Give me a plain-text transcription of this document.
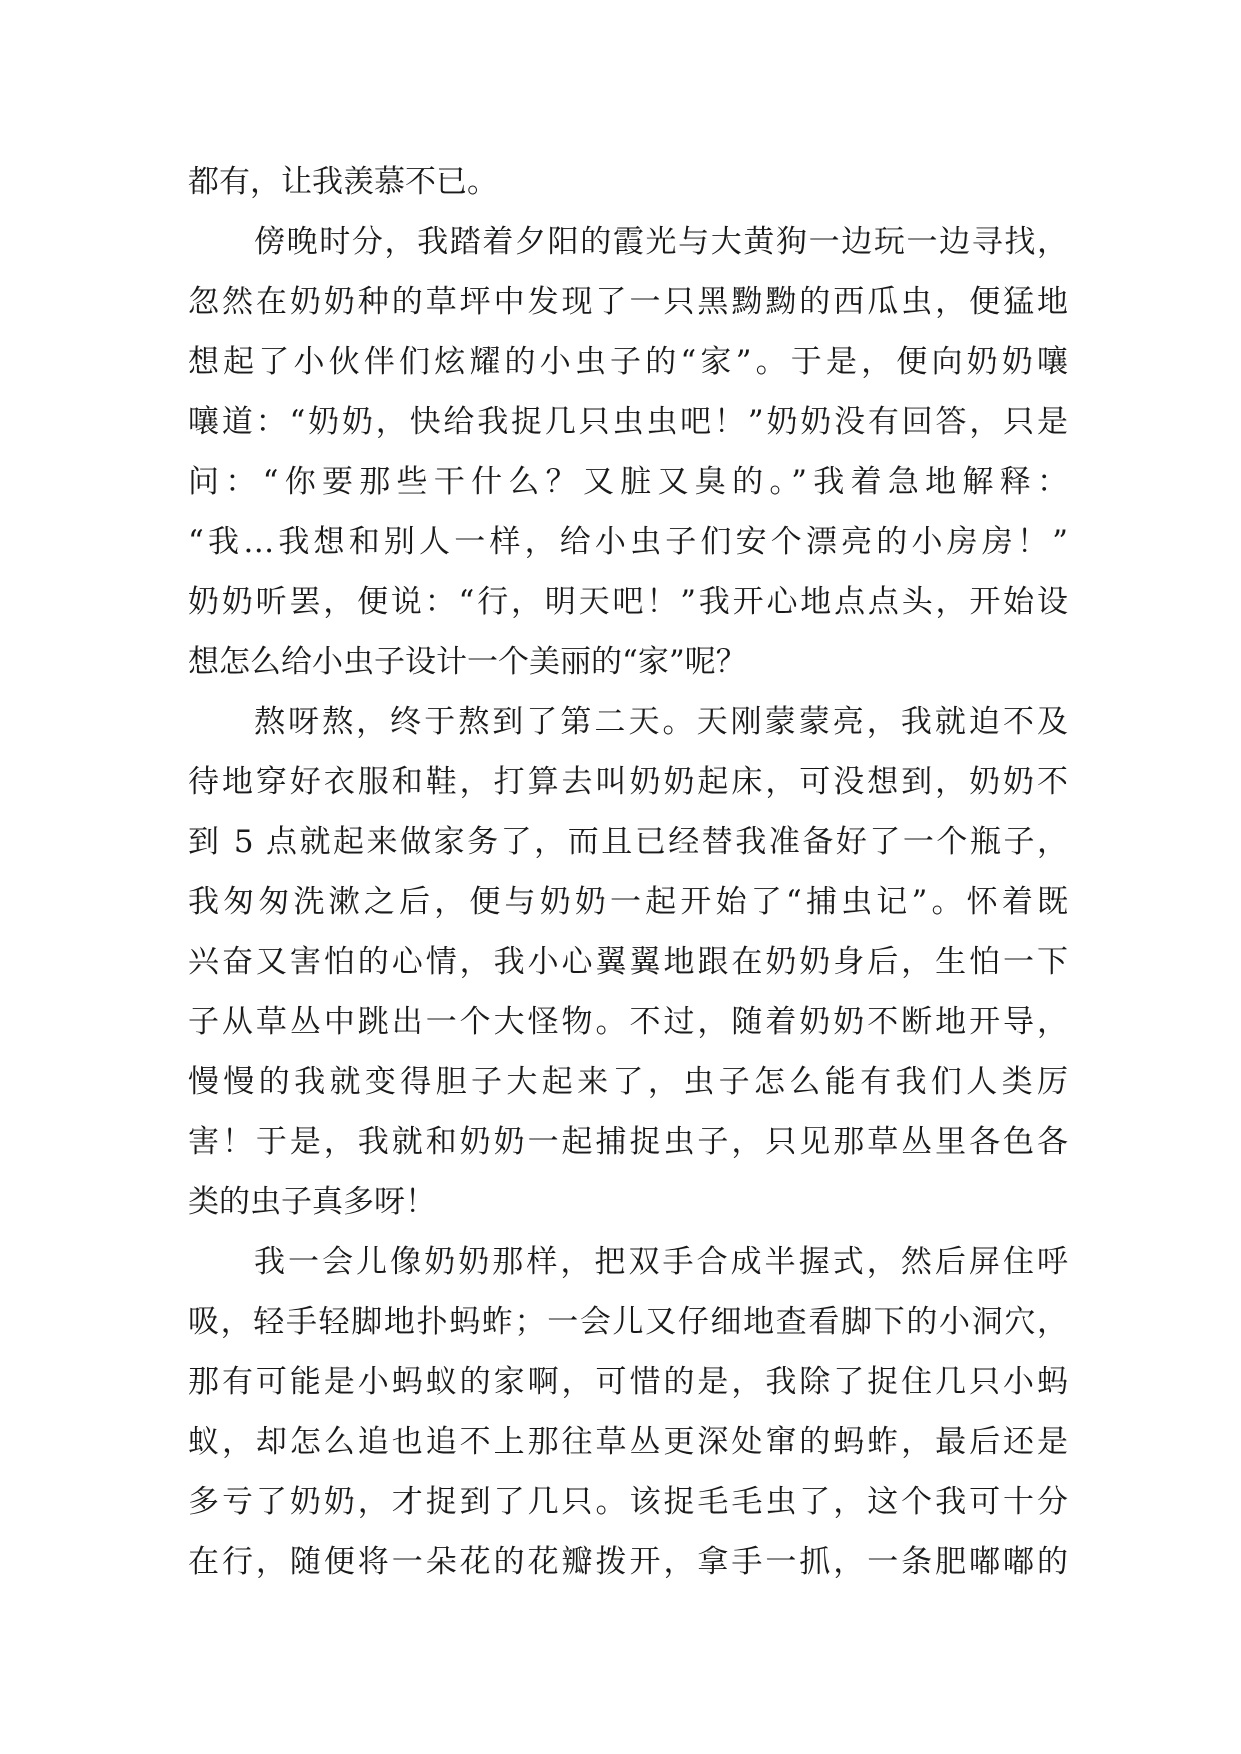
都有，让我羡慕不已。
傍晚时分，我踏着夕阳的霞光与大黄狗一边玩一边寻找，
忽然在奶奶种的草坪中发现了一只黑黝黝的西瓜虫，便猛地
想起了小伙伴们炫耀的小虫子的“家”。于是，便向奶奶嚷
嚷道：“奶奶，快给我捉几只虫虫吧！”奶奶没有回答，只是
问：“你要那些干什么？又脏又臭的。”我着急地解释：
“我…我想和别人一样，给小虫子们安个漂亮的小房房！”
奶奶听罢，便说：“行，明天吧！”我开心地点点头，开始设
想怎么给小虫子设计一个美丽的“家”呢？
熬呀熬，终于熬到了第二天。天刚蒙蒙亮，我就迫不及
待地穿好衣服和鞋，打算去叫奶奶起床，可没想到，奶奶不
到 5 点就起来做家务了，而且已经替我准备好了一个瓶子，
我匆匆洗漱之后，便与奶奶一起开始了“捕虫记”。怀着既
兴奋又害怕的心情，我小心翼翼地跟在奶奶身后，生怕一下
子从草丛中跳出一个大怪物。不过，随着奶奶不断地开导，
慢慢的我就变得胆子大起来了，虫子怎么能有我们人类厉
害！于是，我就和奶奶一起捕捉虫子，只见那草丛里各色各
类的虫子真多呀！
我一会儿像奶奶那样，把双手合成半握式，然后屏住呼
吸，轻手轻脚地扑蚂蚱；一会儿又仔细地查看脚下的小洞穴，
那有可能是小蚂蚁的家啊，可惜的是，我除了捉住几只小蚂
蚁，却怎么追也追不上那往草丛更深处窜的蚂蚱，最后还是
多亏了奶奶，才捉到了几只。该捉毛毛虫了，这个我可十分
在行，随便将一朵花的花瓣拨开，拿手一抓，一条肥嘟嘟的
